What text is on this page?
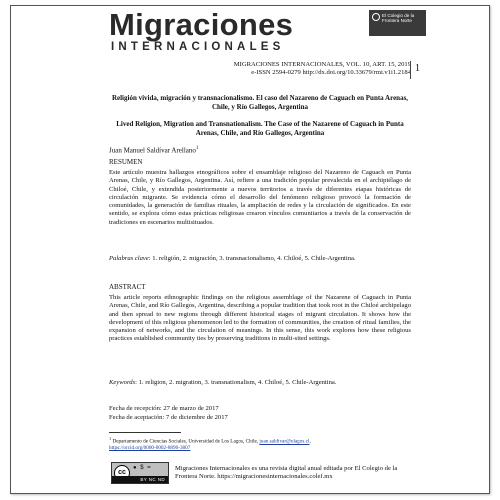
Migraciones
INTERNACIONALES
El Colegio de la Frontera Norte
MIGRACIONES INTERNACIONALES, VOL. 10, ART. 15, 2019
e-ISSN 2594-0279 http://dx.doi.org/10.33679/rmi.v1i1.2184 1
Religión vivida, migración y transnacionalismo. El caso del Nazareno de Caguach en Punta Arenas, Chile, y Río Gallegos, Argentina
Lived Religion, Migration and Transnationalism. The Case of the Nazarene of Caguach in Punta Arenas, Chile, and Río Gallegos, Argentina
Juan Manuel Saldívar Arellano$^1$
RESUMEN
Este artículo muestra hallazgos etnográficos sobre el ensamblaje religioso del Nazareno de Caguach en Punta Arenas, Chile, y Río Gallegos, Argentina. Así, refiere a una tradición popular prevalecida en el archipiélago de Chiloé, Chile, y extendida posteriormente a nuevos territorios a través de diferentes etapas históricas de circulación migrante. Se evidencia cómo el desarrollo del fenómeno religioso provocó la formación de comunidades, la generación de familias rituales, la ampliación de redes y la circulación de significados. En este sentido, se explora cómo estas prácticas religiosas crearon vínculos comunitarios a través de la conservación de tradiciones en escenarios multisituados.
Palabras clave: 1. religión, 2. migración, 3. transnacionalismo, 4. Chiloé, 5. Chile-Argentina.
ABSTRACT
This article reports ethnographic findings on the religious assemblage of the Nazarene of Caguach in Punta Arenas, Chile, and Río Gallegos, Argentina, describing a popular tradition that took root in the Chiloé archipelago and then spread to new regions through different historical stages of migrant circulation. It shows how the development of this religious phenomenon led to the formation of communities, the creation of ritual families, the expansion of networks, and the circulation of meanings. In this sense, this work explores how these religious practices established community ties by preserving traditions in multi-sited settings.
Keywords: 1. religion, 2. migration, 3. transnationalism, 4. Chiloé, 5. Chile-Argentina.
Fecha de recepción: 27 de marzo de 2017
Fecha de aceptación: 7 de diciembre de 2017
$^1$ Departamento de Ciencias Sociales, Universidad de Los Lagos, Chile, juan.saldivar@ulagos.cl,
https://orcid.org/0000-0002-8890-3807
cc
● $ =
BY NC ND
Migraciones Internacionales es una revista digital anual editada por El Colegio de la Frontera Norte. https://migracionesinternacionales.colef.mx
